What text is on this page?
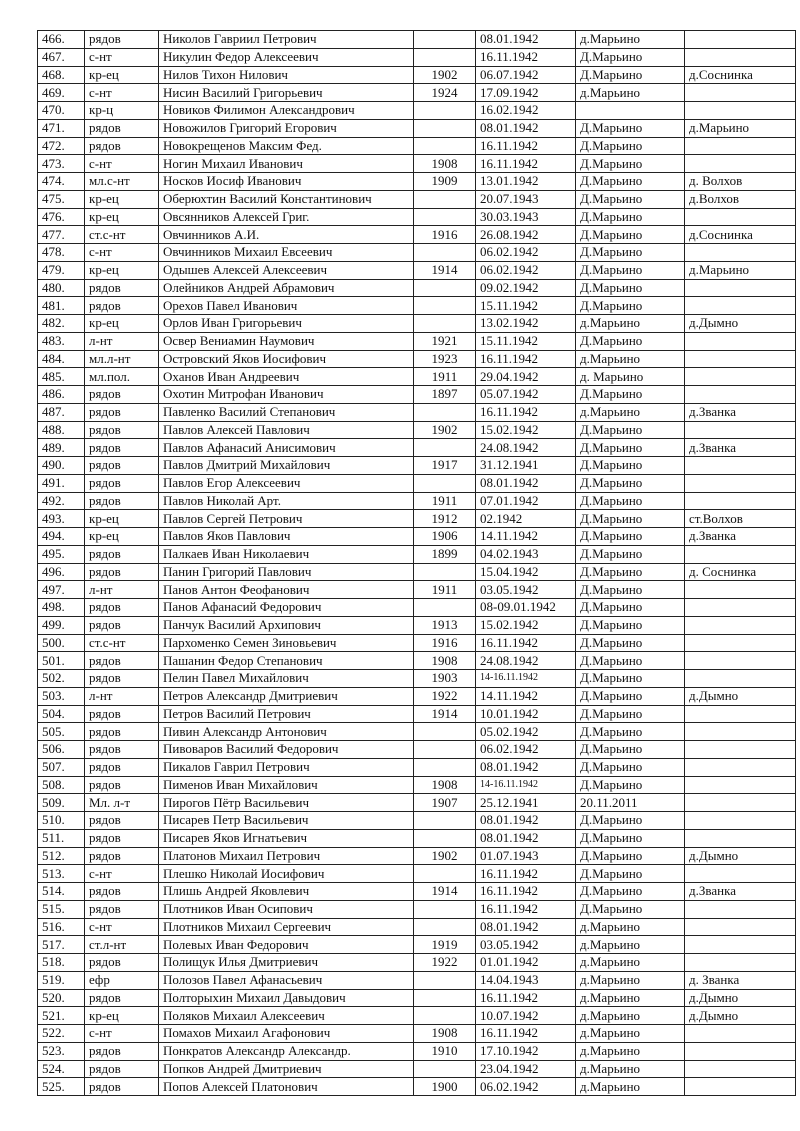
466.	рядов	Николов Гавриил Петрович		08.01.1942	д.Марьино	
467.	с-нт	Никулин Федор Алексеевич		16.11.1942	Д.Марьино	
468.	кр-ец	Нилов Тихон Нилович	1902	06.07.1942	Д.Марьино	д.Соснинка
469.	с-нт	Нисин Василий Григорьевич	1924	17.09.1942	д.Марьино	
470.	кр-ц	Новиков Филимон Александрович		16.02.1942		
471.	рядов	Новожилов Григорий Егорович		08.01.1942	Д.Марьино	д.Марьино
472.	рядов	Новокрещенов Максим Фед.		16.11.1942	Д.Марьино	
473.	с-нт	Ногин Михаил Иванович	1908	16.11.1942	Д.Марьино	
474.	мл.с-нт	Носков Иосиф Иванович	1909	13.01.1942	Д.Марьино	д. Волхов
475.	кр-ец	Оберюхтин Василий Константинович		20.07.1943	Д.Марьино	д.Волхов
476.	кр-ец	Овсянников Алексей Григ.		30.03.1943	Д.Марьино	
477.	ст.с-нт	Овчинников А.И.	1916	26.08.1942	Д.Марьино	д.Соснинка
478.	с-нт	Овчинников Михаил Евсеевич		06.02.1942	Д.Марьино	
479.	кр-ец	Одышев Алексей Алексеевич	1914	06.02.1942	Д.Марьино	д.Марьино
480.	рядов	Олейников Андрей Абрамович		09.02.1942	Д.Марьино	
481.	рядов	Орехов Павел Иванович		15.11.1942	Д.Марьино	
482.	кр-ец	Орлов Иван Григорьевич		13.02.1942	д.Марьино	д.Дымно
483.	л-нт	Освер Вениамин Наумович	1921	15.11.1942	Д.Марьино	
484.	мл.л-нт	Островский Яков Иосифович	1923	16.11.1942	д.Марьино	
485.	мл.пол.	Оханов Иван Андреевич	1911	29.04.1942	д. Марьино	
486.	рядов	Охотин Митрофан Иванович	1897	05.07.1942	Д.Марьино	
487.	рядов	Павленко Василий Степанович		16.11.1942	д.Марьино	д.Званка
488.	рядов	Павлов Алексей Павлович	1902	15.02.1942	Д.Марьино	
489.	рядов	Павлов Афанасий Анисимович		24.08.1942	Д.Марьино	д.Званка
490.	рядов	Павлов Дмитрий Михайлович	1917	31.12.1941	Д.Марьино	
491.	рядов	Павлов Егор Алексеевич		08.01.1942	Д.Марьино	
492.	рядов	Павлов Николай Арт.	1911	07.01.1942	Д.Марьино	
493.	кр-ец	Павлов Сергей Петрович	1912	02.1942	Д.Марьино	ст.Волхов
494.	кр-ец	Павлов Яков Павлович	1906	14.11.1942	Д.Марьино	д.Званка
495.	рядов	Палкаев Иван Николаевич	1899	04.02.1943	Д.Марьино	
496.	рядов	Панин Григорий Павлович		15.04.1942	Д.Марьино	д. Соснинка
497.	л-нт	Панов Антон Феофанович	1911	03.05.1942	Д.Марьино	
498.	рядов	Панов Афанасий Федорович		08-09.01.1942	Д.Марьино	
499.	рядов	Панчук Василий Архипович	1913	15.02.1942	Д.Марьино	
500.	ст.с-нт	Пархоменко Семен Зиновьевич	1916	16.11.1942	Д.Марьино	
501.	рядов	Пашанин Федор Степанович	1908	24.08.1942	Д.Марьино	
502.	рядов	Пелин Павел Михайлович	1903	14-16.11.1942	Д.Марьино	
503.	л-нт	Петров Александр Дмитриевич	1922	14.11.1942	Д.Марьино	д.Дымно
504.	рядов	Петров Василий Петрович	1914	10.01.1942	Д.Марьино	
505.	рядов	Пивин Александр Антонович		05.02.1942	Д.Марьино	
506.	рядов	Пивоваров Василий Федорович		06.02.1942	Д.Марьино	
507.	рядов	Пикалов Гаврил Петрович		08.01.1942	Д.Марьино	
508.	рядов	Пименов Иван Михайлович	1908	14-16.11.1942	Д.Марьино	
509.	Мл. л-т	Пирогов Пётр Васильевич	1907	25.12.1941	20.11.2011	
510.	рядов	Писарев Петр Васильевич		08.01.1942	Д.Марьино	
511.	рядов	Писарев Яков Игнатьевич		08.01.1942	Д.Марьино	
512.	рядов	Платонов Михаил Петрович	1902	01.07.1943	Д.Марьино	д.Дымно
513.	с-нт	Плешко Николай Иосифович		16.11.1942	Д.Марьино	
514.	рядов	Плишь Андрей Яковлевич	1914	16.11.1942	Д.Марьино	д.Званка
515.	рядов	Плотников Иван Осипович		16.11.1942	Д.Марьино	
516.	с-нт	Плотников Михаил Сергеевич		08.01.1942	д.Марьино	
517.	ст.л-нт	Полевых Иван Федорович	1919	03.05.1942	д.Марьино	
518.	рядов	Полищук Илья Дмитриевич	1922	01.01.1942	д.Марьино	
519.	ефр	Полозов Павел Афанасьевич		14.04.1943	д.Марьино	д. Званка
520.	рядов	Полторыхин Михаил Давыдович		16.11.1942	д.Марьино	д.Дымно
521.	кр-ец	Поляков Михаил Алексеевич		10.07.1942	д.Марьино	д.Дымно
522.	с-нт	Помахов Михаил Агафонович	1908	16.11.1942	д.Марьино	
523.	рядов	Понкратов Александр Александр.	1910	17.10.1942	д.Марьино	
524.	рядов	Попков Андрей Дмитриевич		23.04.1942	д.Марьино	
525.	рядов	Попов Алексей Платонович	1900	06.02.1942	д.Марьино	
